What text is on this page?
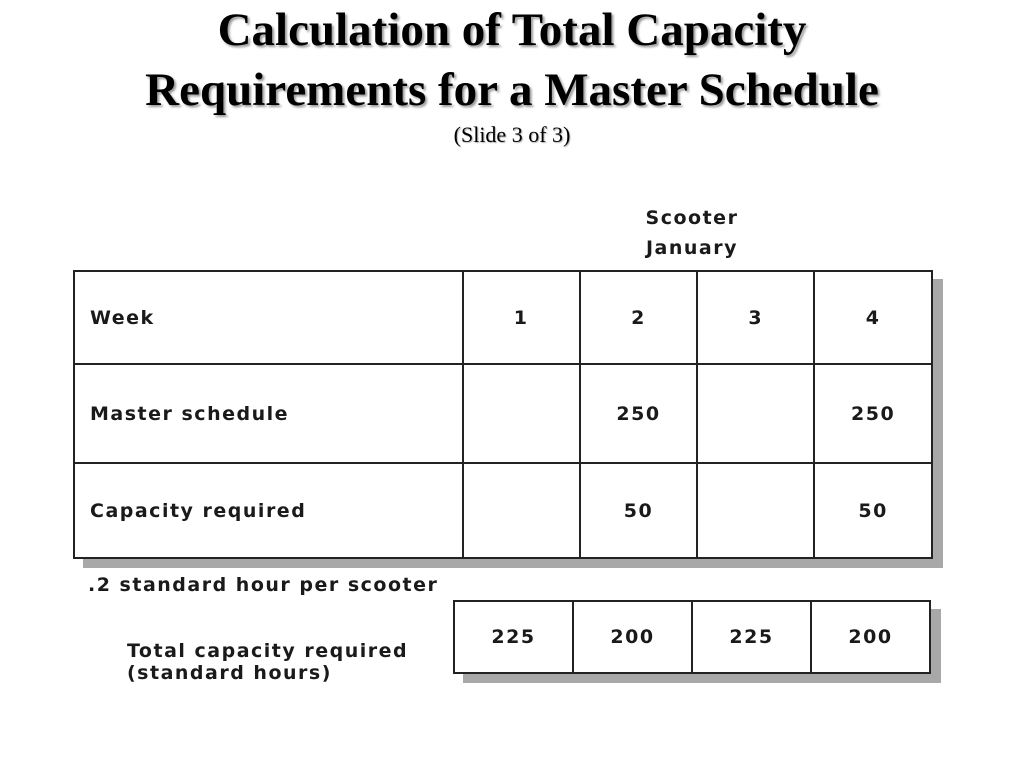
Calculation of Total Capacity
Requirements for a Master Schedule
(Slide 3 of 3)
Scooter
January
Week	1	2	3	4
Master schedule		250		250
Capacity required		50		50
.2 standard hour per scooter
Total capacity required
(standard hours)
225	200	225	200
